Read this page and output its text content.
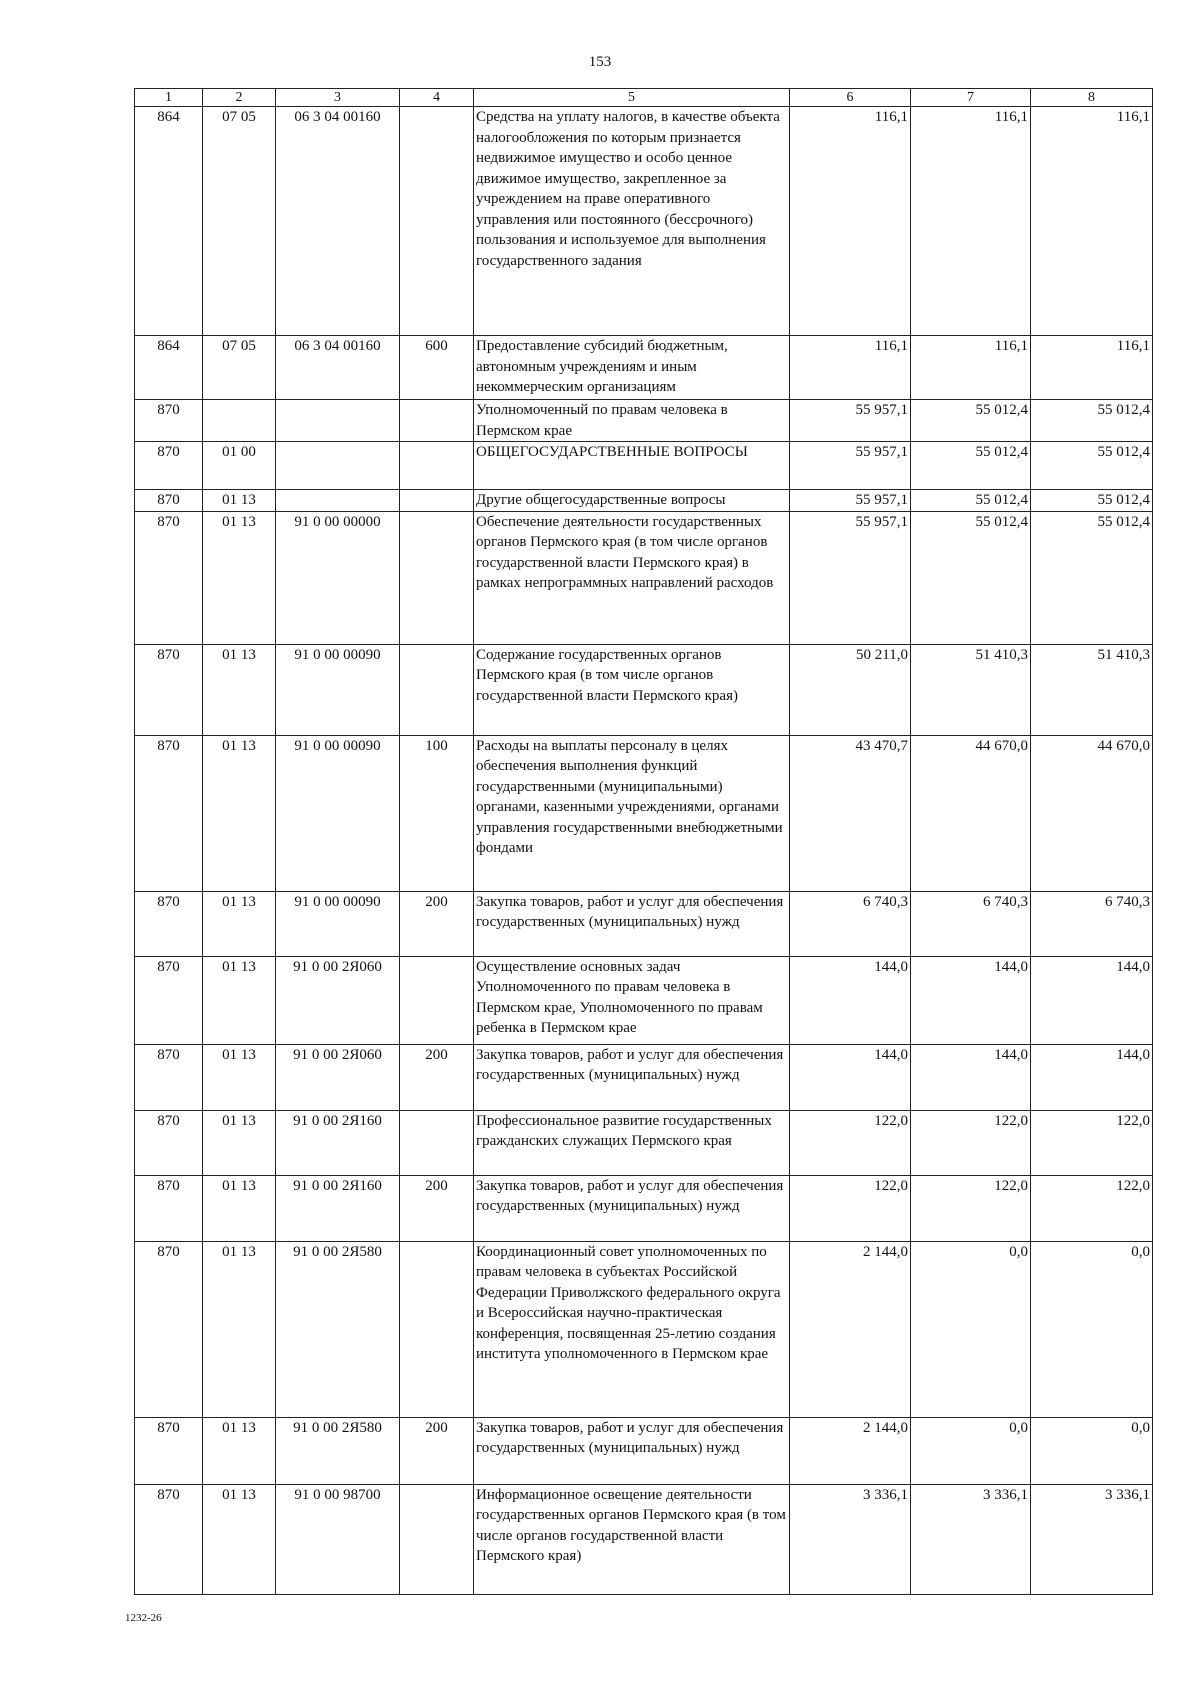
153
1	2	3	4	5	6	7	8
864	07 05	06 3 04 00160		Средства на уплату налогов, в качестве объекта налогообложения по которым признается недвижимое имущество и особо ценное движимое имущество, закрепленное за учреждением на праве оперативного управления или постоянного (бессрочного) пользования и используемое для выполнения государственного задания	116,1	116,1	116,1
864	07 05	06 3 04 00160	600	Предоставление субсидий бюджетным, автономным учреждениям и иным некоммерческим организациям	116,1	116,1	116,1
870				Уполномоченный по правам человека в Пермском крае	55 957,1	55 012,4	55 012,4
870	01 00			ОБЩЕГОСУДАРСТВЕННЫЕ ВОПРОСЫ	55 957,1	55 012,4	55 012,4
870	01 13			Другие общегосударственные вопросы	55 957,1	55 012,4	55 012,4
870	01 13	91 0 00 00000		Обеспечение деятельности государственных органов Пермского края (в том числе органов государственной власти Пермского края) в рамках непрограммных направлений расходов	55 957,1	55 012,4	55 012,4
870	01 13	91 0 00 00090		Содержание государственных органов Пермского края (в том числе органов государственной власти Пермского края)	50 211,0	51 410,3	51 410,3
870	01 13	91 0 00 00090	100	Расходы на выплаты персоналу в целях обеспечения выполнения функций государственными (муниципальными) органами, казенными учреждениями, органами управления государственными внебюджетными фондами	43 470,7	44 670,0	44 670,0
870	01 13	91 0 00 00090	200	Закупка товаров, работ и услуг для обеспечения государственных (муниципальных) нужд	6 740,3	6 740,3	6 740,3
870	01 13	91 0 00 2Я060		Осуществление основных задач Уполномоченного по правам человека в Пермском крае, Уполномоченного по правам ребенка в Пермском крае	144,0	144,0	144,0
870	01 13	91 0 00 2Я060	200	Закупка товаров, работ и услуг для обеспечения государственных (муниципальных) нужд	144,0	144,0	144,0
870	01 13	91 0 00 2Я160		Профессиональное развитие государственных гражданских служащих Пермского края	122,0	122,0	122,0
870	01 13	91 0 00 2Я160	200	Закупка товаров, работ и услуг для обеспечения государственных (муниципальных) нужд	122,0	122,0	122,0
870	01 13	91 0 00 2Я580		Координационный совет уполномоченных по правам человека в субъектах Российской Федерации Приволжского федерального округа и Всероссийская научно-практическая конференция, посвященная 25-летию создания института уполномоченного в Пермском крае	2 144,0	0,0	0,0
870	01 13	91 0 00 2Я580	200	Закупка товаров, работ и услуг для обеспечения государственных (муниципальных) нужд	2 144,0	0,0	0,0
870	01 13	91 0 00 98700		Информационное освещение деятельности государственных органов Пермского края (в том числе органов государственной власти Пермского края)	3 336,1	3 336,1	3 336,1
1232-26
